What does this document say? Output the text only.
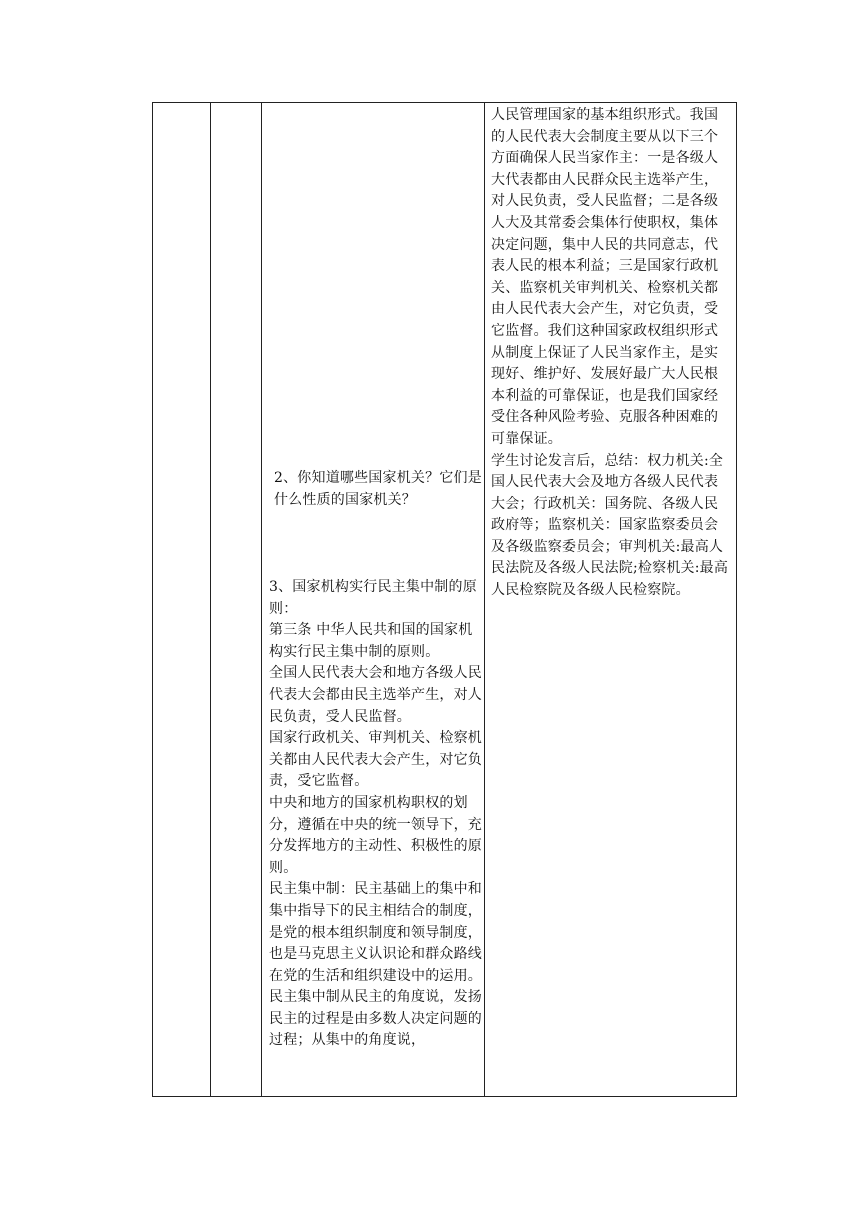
人民管理国家的基本组织形式。我国的人民代表大会制度主要从以下三个方面确保人民当家作主：一是各级人大代表都由人民群众民主选举产生，对人民负责，受人民监督；二是各级人大及其常委会集体行使职权，集体决定问题，集中人民的共同意志，代表人民的根本利益；三是国家行政机关、监察机关审判机关、检察机关都由人民代表大会产生，对它负责，受它监督。我们这种国家政权组织形式从制度上保证了人民当家作主，是实现好、维护好、发展好最广大人民根本利益的可靠保证，也是我们国家经受住各种风险考验、克服各种困难的可靠保证。

学生讨论发言后，总结：权力机关:全国人民代表大会及地方各级人民代表大会；行政机关：国务院、各级人民政府等；监察机关：国家监察委员会及各级监察委员会；审判机关:最高人民法院及各级人民法院;检察机关:最高人民检察院及各级人民检察院。

2、你知道哪些国家机关？它们是什么性质的国家机关？

3、国家机构实行民主集中制的原则：

第三条 中华人民共和国的国家机构实行民主集中制的原则。

全国人民代表大会和地方各级人民代表大会都由民主选举产生，对人民负责，受人民监督。

国家行政机关、审判机关、检察机关都由人民代表大会产生，对它负责，受它监督。

中央和地方的国家机构职权的划分，遵循在中央的统一领导下，充分发挥地方的主动性、积极性的原则。

民主集中制：民主基础上的集中和集中指导下的民主相结合的制度，是党的根本组织制度和领导制度，也是马克思主义认识论和群众路线在党的生活和组织建设中的运用。

民主集中制从民主的角度说，发扬民主的过程是由多数人决定问题的过程；从集中的角度说，
